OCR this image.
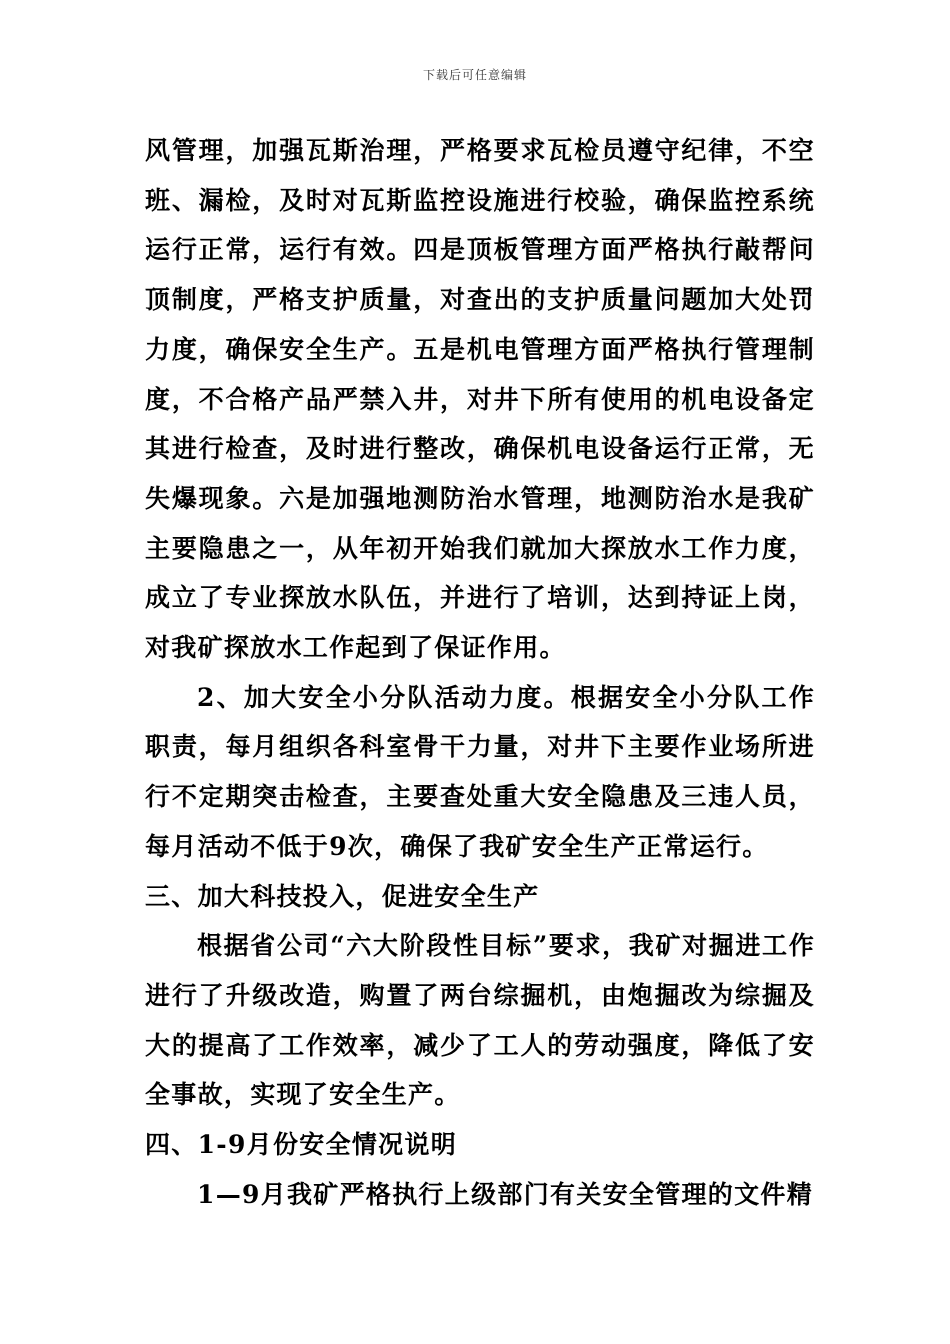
下载后可任意编辑

风管理，加强瓦斯治理，严格要求瓦检员遵守纪律，不空班、漏检，及时对瓦斯监控设施进行校验，确保监控系统运行正常，运行有效。四是顶板管理方面严格执行敲帮问顶制度，严格支护质量，对查出的支护质量问题加大处罚力度，确保安全生产。五是机电管理方面严格执行管理制度，不合格产品严禁入井，对井下所有使用的机电设备定其进行检查，及时进行整改，确保机电设备运行正常，无失爆现象。六是加强地测防治水管理，地测防治水是我矿主要隐患之一，从年初开始我们就加大探放水工作力度，成立了专业探放水队伍，并进行了培训，达到持证上岗，对我矿探放水工作起到了保证作用。

2、加大安全小分队活动力度。根据安全小分队工作职责，每月组织各科室骨干力量，对井下主要作业场所进行不定期突击检查，主要查处重大安全隐患及三违人员，每月活动不低于9次，确保了我矿安全生产正常运行。

三、加大科技投入，促进安全生产

根据省公司“六大阶段性目标”要求，我矿对掘进工作进行了升级改造，购置了两台综掘机，由炮掘改为综掘及大的提高了工作效率，减少了工人的劳动强度，降低了安全事故，实现了安全生产。

四、1-9月份安全情况说明

1—9月我矿严格执行上级部门有关安全管理的文件精
